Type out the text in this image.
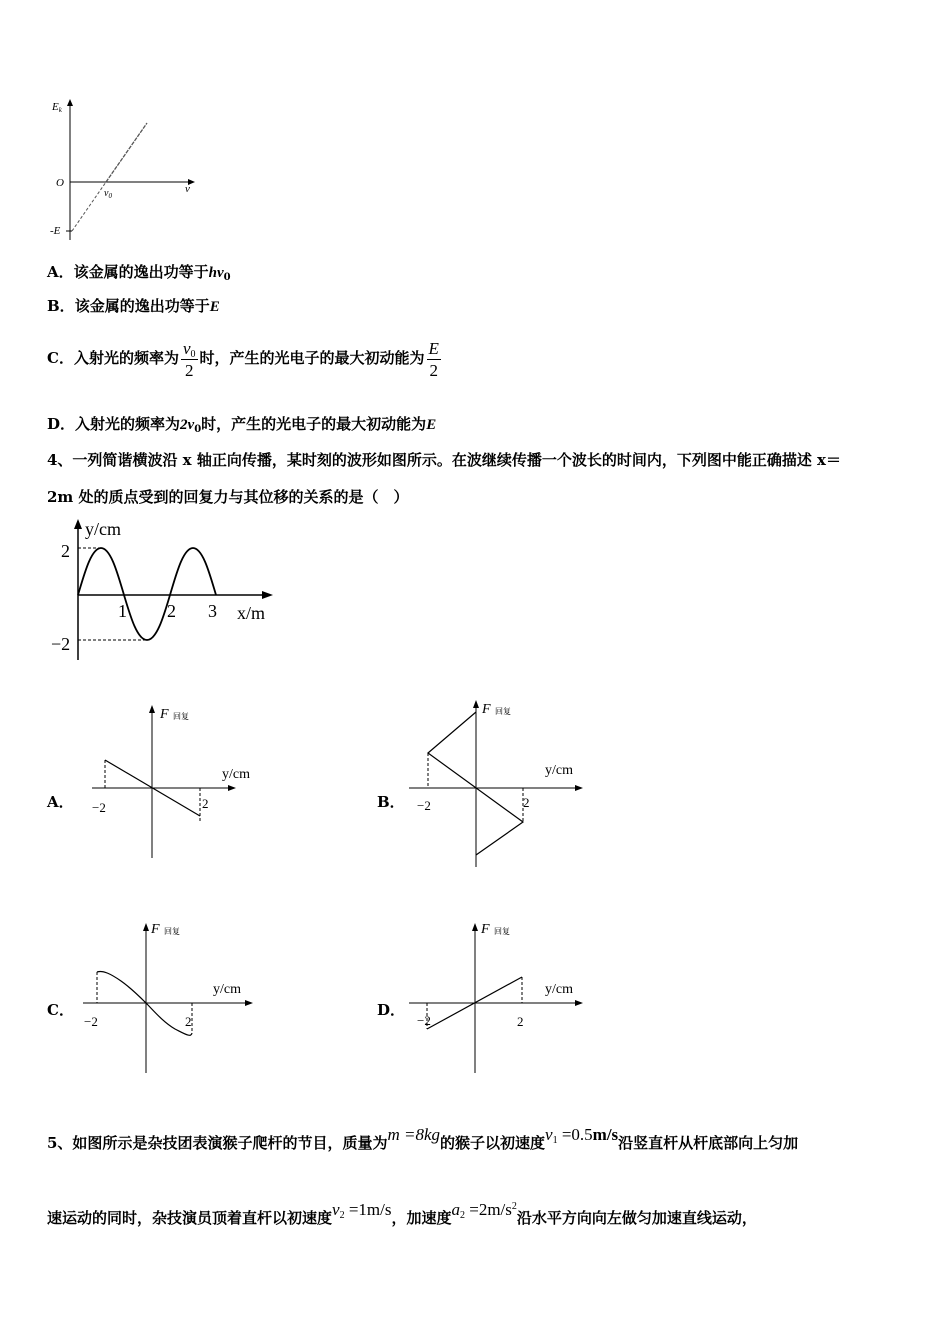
Ek
O	ν
$\nu_0$
-E
A．该金属的逸出功等于$h\nu_0$
B．该金属的逸出功等于E
C．入射光的频率为 $\frac{\nu 0}{2}$ 时，产生的光电子的最大初动能为 $\frac{E}{2}$
D．入射光的频率为$2\nu_0$时，产生的光电子的最大初动能为E
4、一列简谐横波沿 x 轴正向传播，某时刻的波形如图所示。在波继续传播一个波长的时间内，下列图中能正确描述 x＝
2m 处的质点受到的回复力与其位移的关系的是（　）
y/cm
x/m
2
−2
1 2 3
A．
F 回复
y/cm
−2	2	B．
F 回复
y/cm
−2	2
C．
F 回复
y/cm
−2	2
D．
F 回复
y/cm
−2	2
5、如图所示是杂技团表演猴子爬杆的节目，质量为m =8kg的猴子以初速度v1 =0.5m/s沿竖直杆从杆底部向上匀加
速运动的同时，杂技演员顶着直杆以初速度v2 =1m/s，加速度$a2 =2m/s^2$沿水平方向向左做匀加速直线运动，
